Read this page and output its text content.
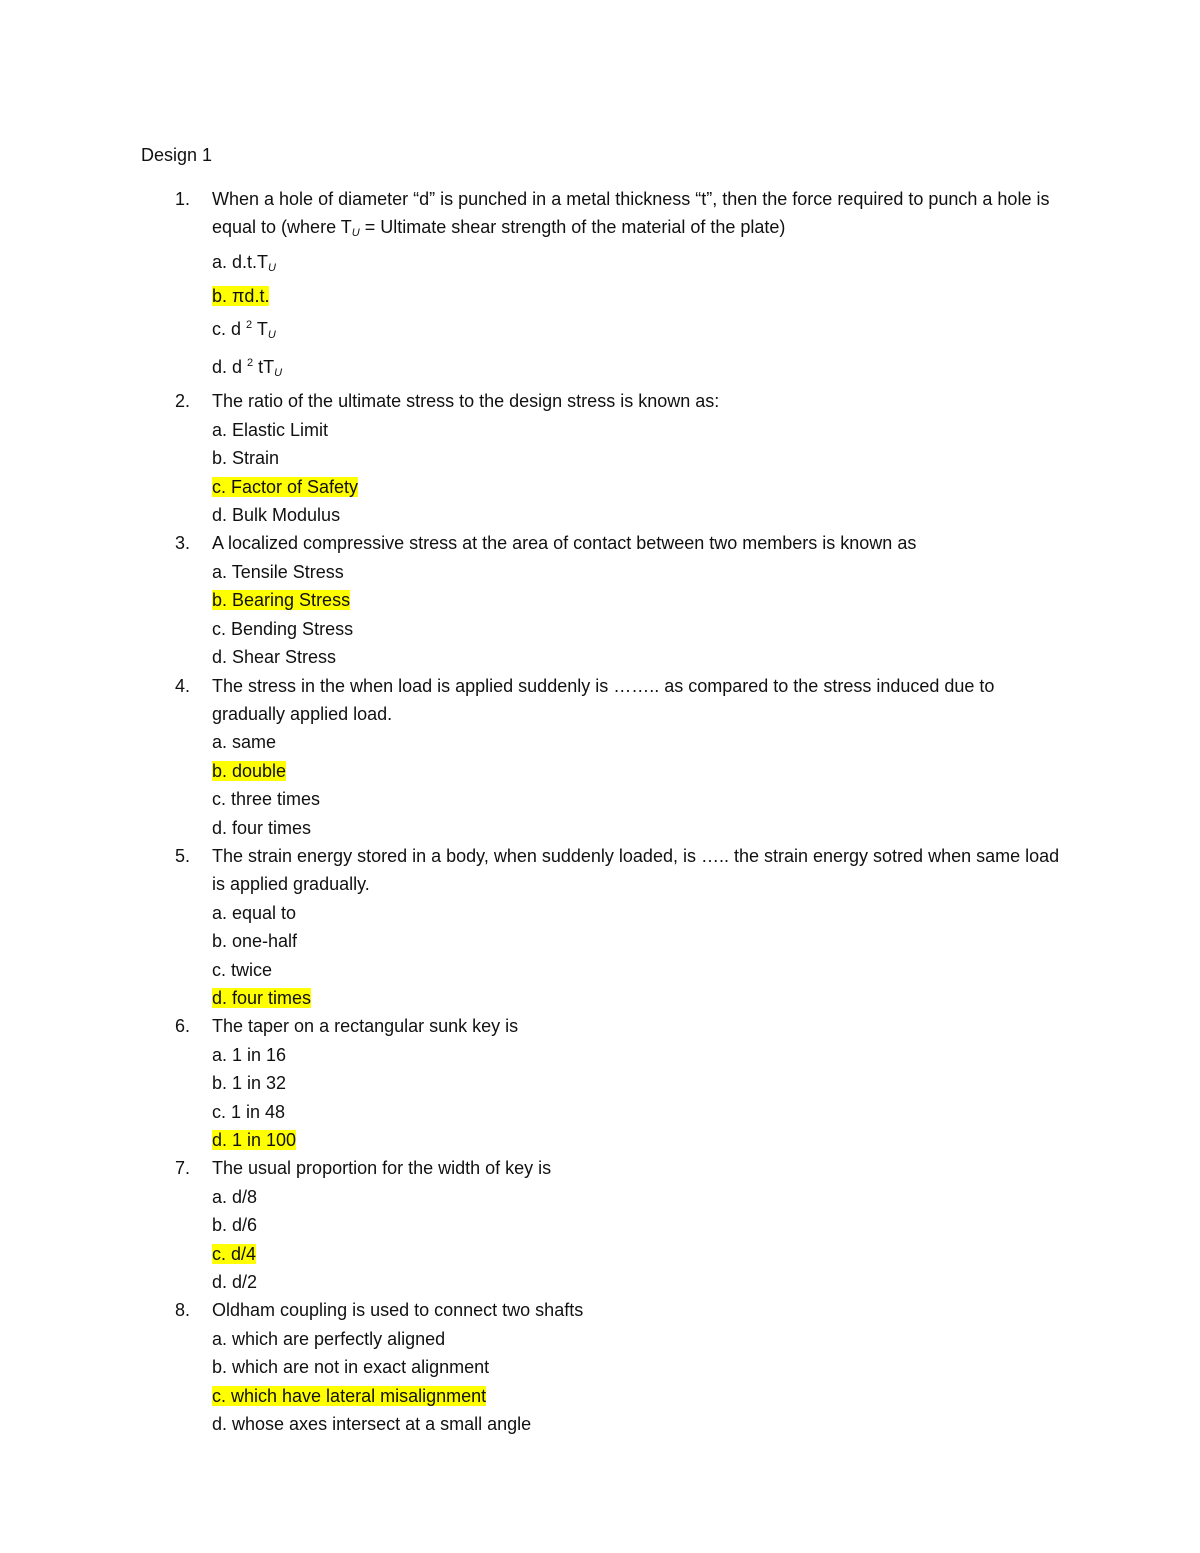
Design 1
1. When a hole of diameter “d” is punched in a metal thickness “t”, then the force required to punch a hole is equal to (where $T_U$ = Ultimate shear strength of the material of the plate)
a. $d.t.T_U$
b. πd.t.
c. d $^2$ $T_U$
d. d $^2$ $tT_U$
2. The ratio of the ultimate stress to the design stress is known as:
a. Elastic Limit
b. Strain
c. Factor of Safety
d. Bulk Modulus
3. A localized compressive stress at the area of contact between two members is known as
a. Tensile Stress
b. Bearing Stress
c. Bending Stress
d. Shear Stress
4. The stress in the when load is applied suddenly is …….. as compared to the stress induced due to gradually applied load.
a. same
b. double
c. three times
d. four times
5. The strain energy stored in a body, when suddenly loaded, is ….. the strain energy sotred when same load is applied gradually.
a. equal to
b. one-half
c. twice
d. four times
6. The taper on a rectangular sunk key is
a. 1 in 16
b. 1 in 32
c. 1 in 48
d. 1 in 100
7. The usual proportion for the width of key is
a. d/8
b. d/6
c. d/4
d. d/2
8. Oldham coupling is used to connect two shafts
a. which are perfectly aligned
b. which are not in exact alignment
c. which have lateral misalignment
d. whose axes intersect at a small angle
